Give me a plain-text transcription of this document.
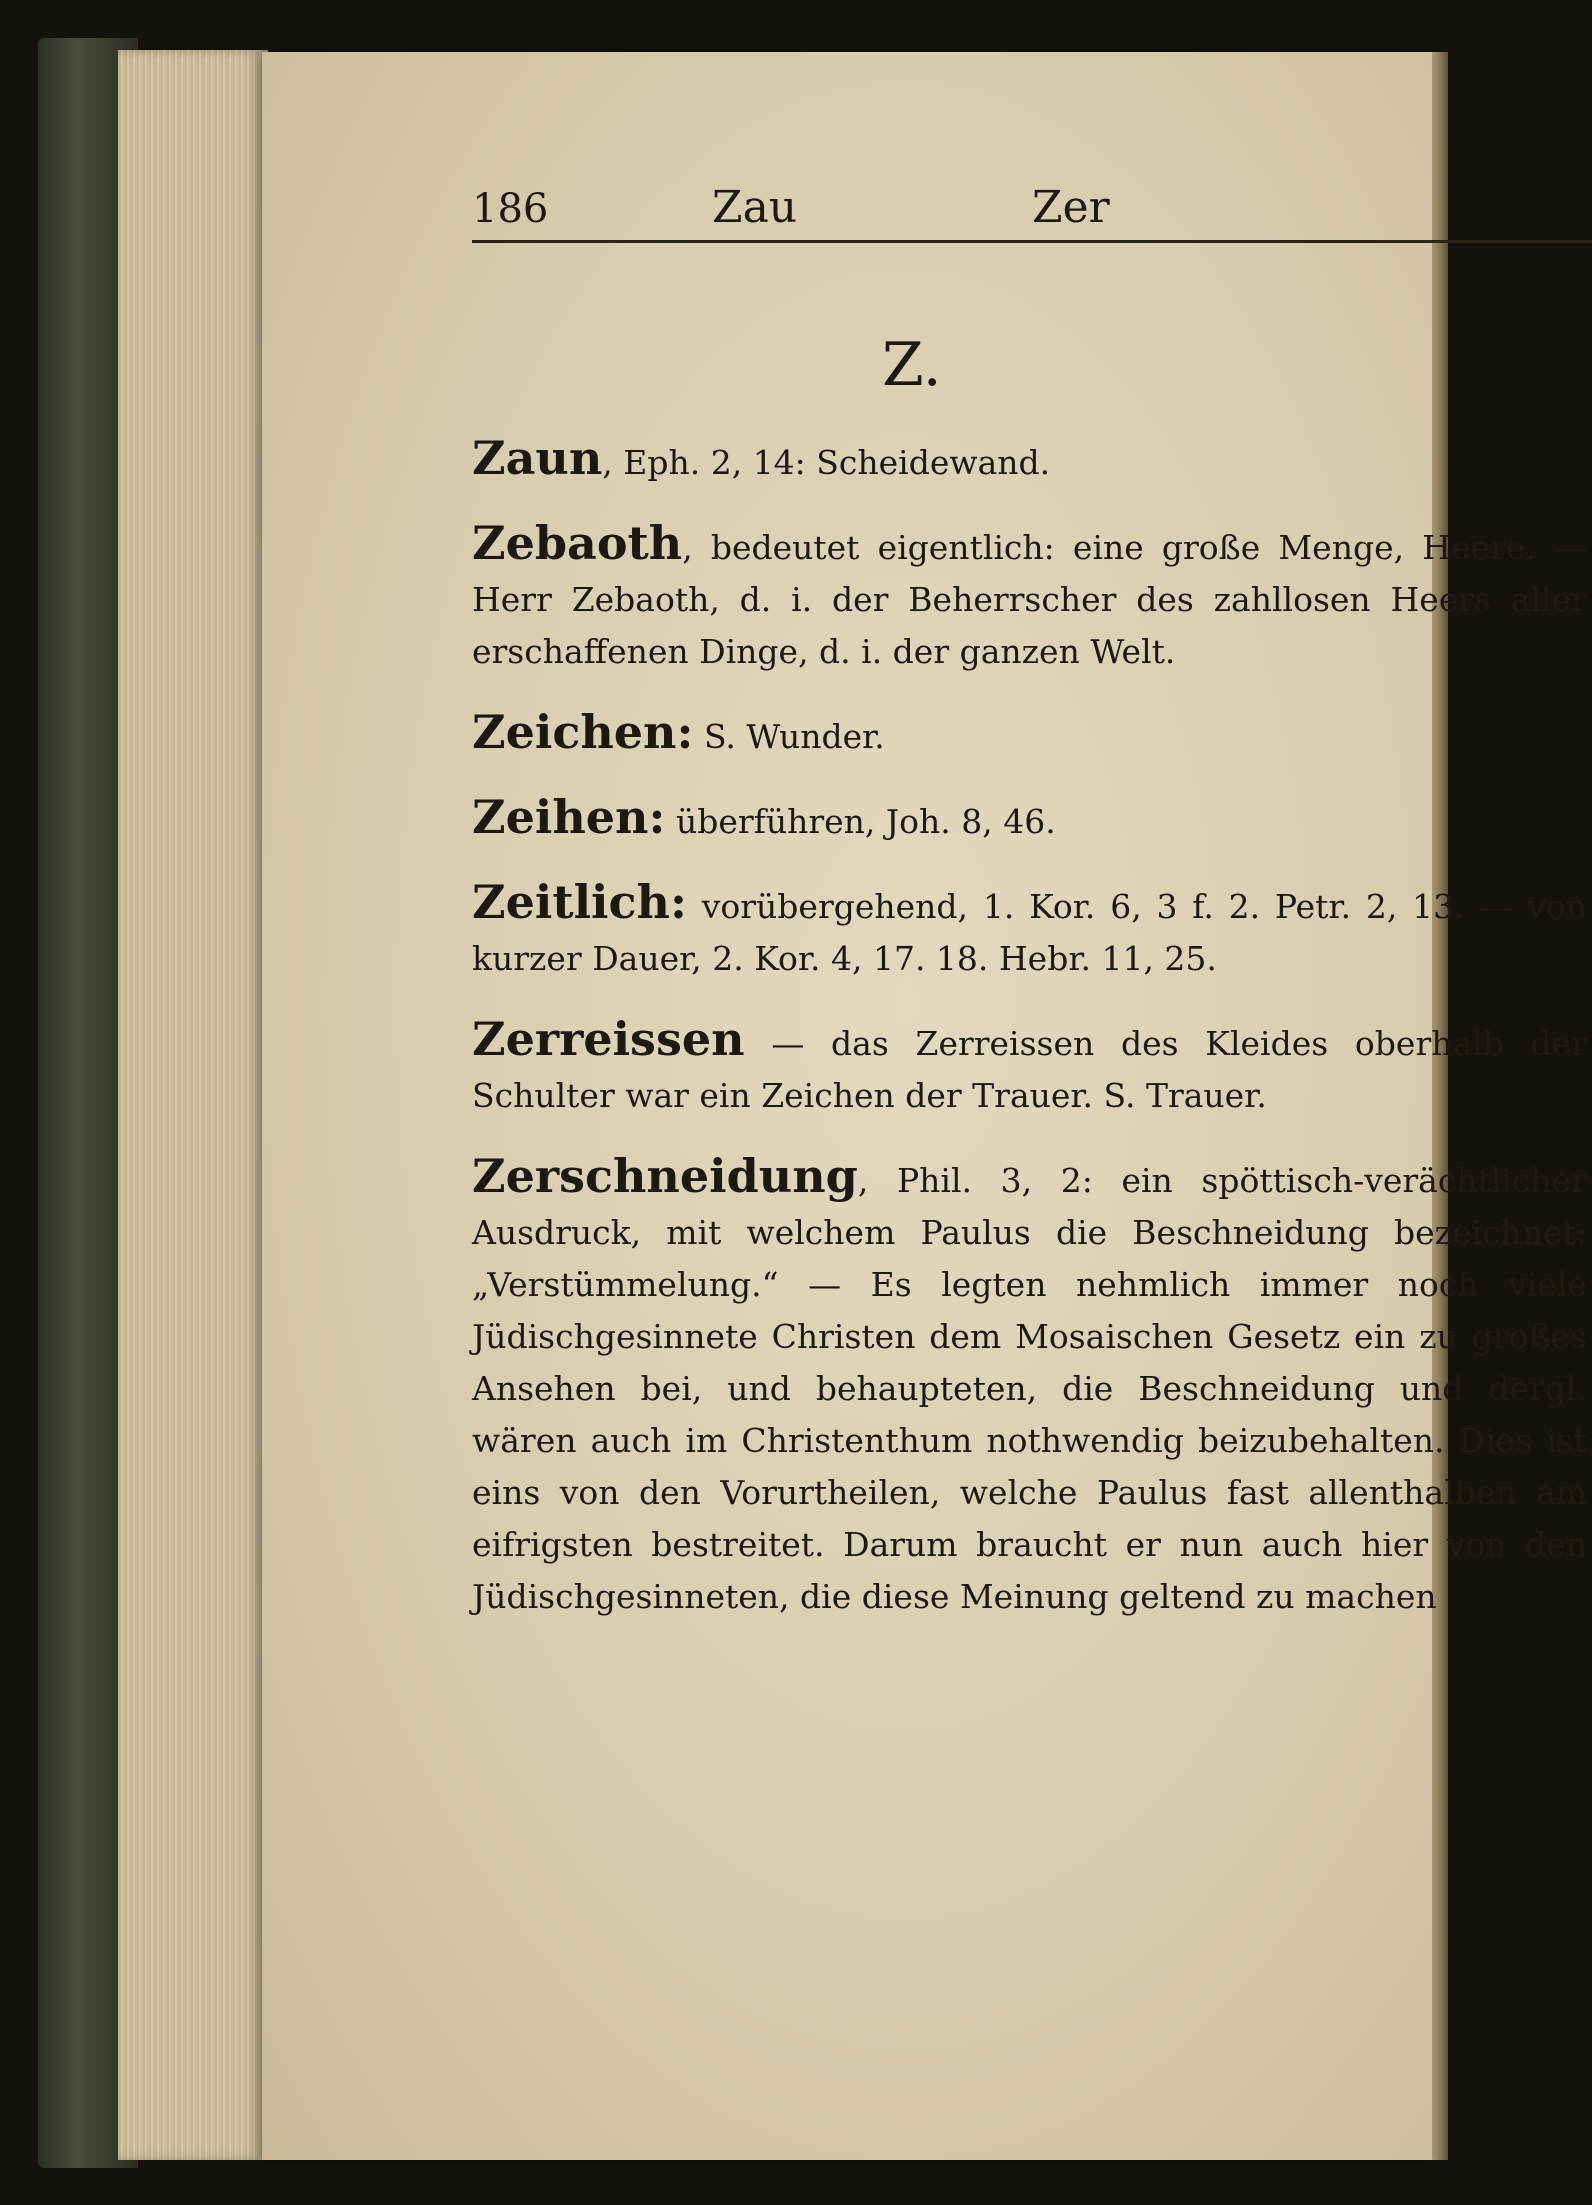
186	Zau	Zer
Z.

Zaun, Eph. 2, 14: Scheidewand.

Zebaoth, bedeutet eigentlich: eine große Menge, Heere. — Herr Zebaoth, d. i. der Beherrscher des zahllosen Heers aller erschaffenen Dinge, d. i. der ganzen Welt.

Zeichen: S. Wunder.

Zeihen: überführen, Joh. 8, 46.

Zeitlich: vorübergehend, 1. Kor. 6, 3 f. 2. Petr. 2, 13. — von kurzer Dauer, 2. Kor. 4, 17. 18. Hebr. 11, 25.

Zerreissen — das Zerreissen des Kleides oberhalb der Schulter war ein Zeichen der Trauer. S. Trauer.

Zerschneidung, Phil. 3, 2: ein spöttisch-verächtlicher Ausdruck, mit welchem Paulus die Beschneidung bezeichnet: „Verstümmelung.“ — Es legten nehmlich immer noch viele Jüdischgesinnete Christen dem Mosaischen Gesetz ein zu großes Ansehen bei, und behaupteten, die Beschneidung und dergl. wären auch im Christenthum nothwendig beizubehalten. Dies ist eins von den Vorurtheilen, welche Paulus fast allenthalben am eifrigsten bestreitet. Darum braucht er nun auch hier von den Jüdischgesinneten, die diese Meinung geltend zu machen
